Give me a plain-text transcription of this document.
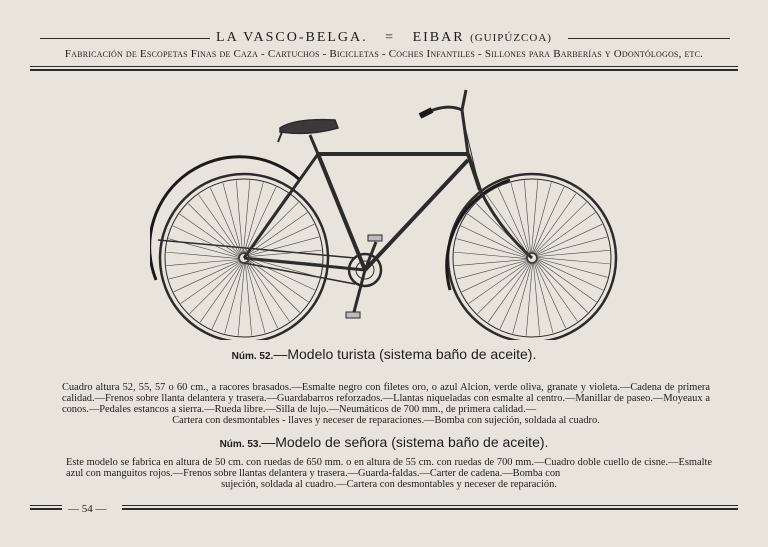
LA VASCO-BELGA. = EIBAR (GUIPÚZCOA)
Fabricación de Escopetas Finas de Caza - Cartuchos - Bicicletas - Coches Infantiles - Sillones para Barberías y Odontólogos, etc.
Núm. 52.—Modelo turista (sistema baño de aceite).
Cuadro altura 52, 55, 57 o 60 cm., a racores brasados.—Esmalte negro con filetes oro, o azul Alcion, verde oliva, granate y violeta.—Cadena de primera calidad.—Frenos sobre llanta delantera y trasera.—Guardabarros reforzados.—Llantas niqueladas con esmalte al centro.—Manillar de paseo.—Moyeaux a conos.—Pedales estancos a sierra.—Rueda libre.—Silla de lujo.—Neumáticos de 700 mm., de primera calidad.—
Cartera con desmontables - llaves y neceser de reparaciones.—Bomba con sujeción, soldada al cuadro.
Núm. 53.—Modelo de señora (sistema baño de aceite).
Este modelo se fabrica en altura de 50 cm. con ruedas de 650 mm. o en altura de 55 cm. con ruedas de 700 mm.—Cuadro doble cuello de cisne.—Esmalte azul con manguitos rojos.—Frenos sobre llantas delantera y trasera.—Guarda-faldas.—Carter de cadena.—Bomba con
sujeción, soldada al cuadro.—Cartera con desmontables y neceser de reparación.
— 54 —
